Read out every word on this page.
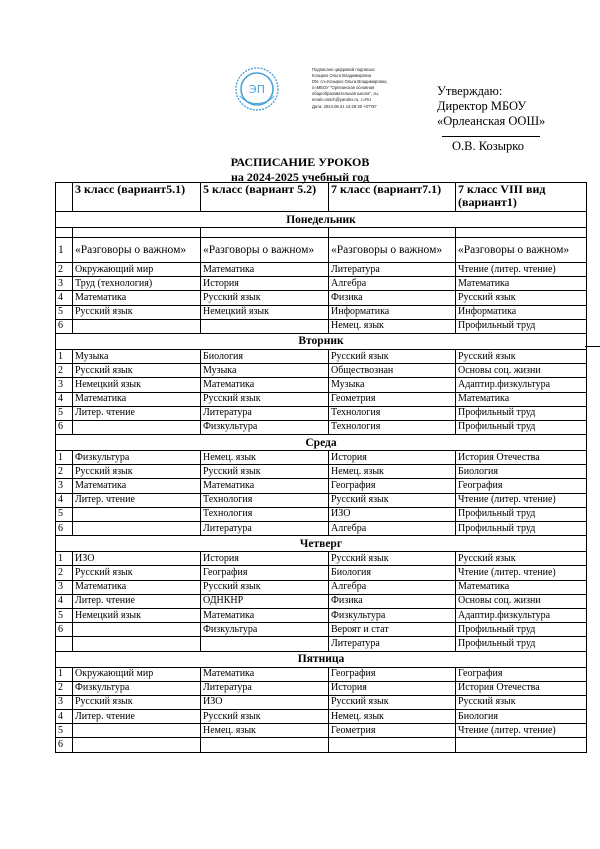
ЭП
Подписано цифровой подписью:
Козырко Ольга Владимировна
DN: cn=Козырко Ольга Владимировна,
o=МБОУ "Орлеанская основная
общеобразовательная школа", ou,
email=oosch@yandex.ru, c=RU
Дата: 2024.08.31 13:28:30 +07'00'
Утверждаю:
Директор МБОУ
«Орлеанская ООШ»
О.В. Козырко
РАСПИСАНИЕ УРОКОВ
на 2024-2025 учебный год
	3 класс (вариант5.1)	5 класс (вариант 5.2)	7 класс (вариант7.1)	7 класс VIII вид (вариант1)
Понедельник				

1	«Разговоры о важном»	«Разговоры о важном»	«Разговоры о важном»	«Разговоры о важном»
2	Окружающий мир	Математика	Литература	Чтение (литер. чтение)
3	Труд (технология)	История	Алгебра	Математика
4	Математика	Русский язык	Физика	Русский язык
5	Русский язык	Немецкий язык	Информатика	Информатика
6			Немец. язык	Профильный труд
Вторник				
1	Музыка	Биология	Русский язык	Русский язык
2	Русский язык	Музыка	Обществознан	Основы соц. жизни
3	Немецкий язык	Математика	Музыка	Адаптир.физкультура
4	Математика	Русский язык	Геометрия	Математика
5	Литер. чтение	Литература	Технология	Профильный труд
6		Физкультура	Технология	Профильный труд
Среда				
1	Физкультура	Немец. язык	История	История Отечества
2	Русский язык	Русский язык	Немец. язык	Биология
3	Математика	Математика	География	География
4	Литер. чтение	Технология	Русский язык	Чтение (литер. чтение)
5		Технология	ИЗО	Профильный труд
6		Литература	Алгебра	Профильный труд
Четверг				
1	ИЗО	История	Русский язык	Русский язык
2	Русский язык	География	Биология	Чтение (литер. чтение)
3	Математика	Русский язык	Алгебра	Математика
4	Литер. чтение	ОДНКНР	Физика	Основы соц. жизни
5	Немецкий язык	Математика	Физкультура	Адаптир.физкультура
6		Физкультура	Вероят и стат	Профильный труд
			Литература	Профильный труд
Пятница				
1	Окружающий мир	Математика	География	География
2	Физкультура	Литература	История	История Отечества
3	Русский язык	ИЗО	Русский язык	Русский язык
4	Литер. чтение	Русский язык	Немец. язык	Биология
5		Немец. язык	Геометрия	Чтение (литер. чтение)
6				
